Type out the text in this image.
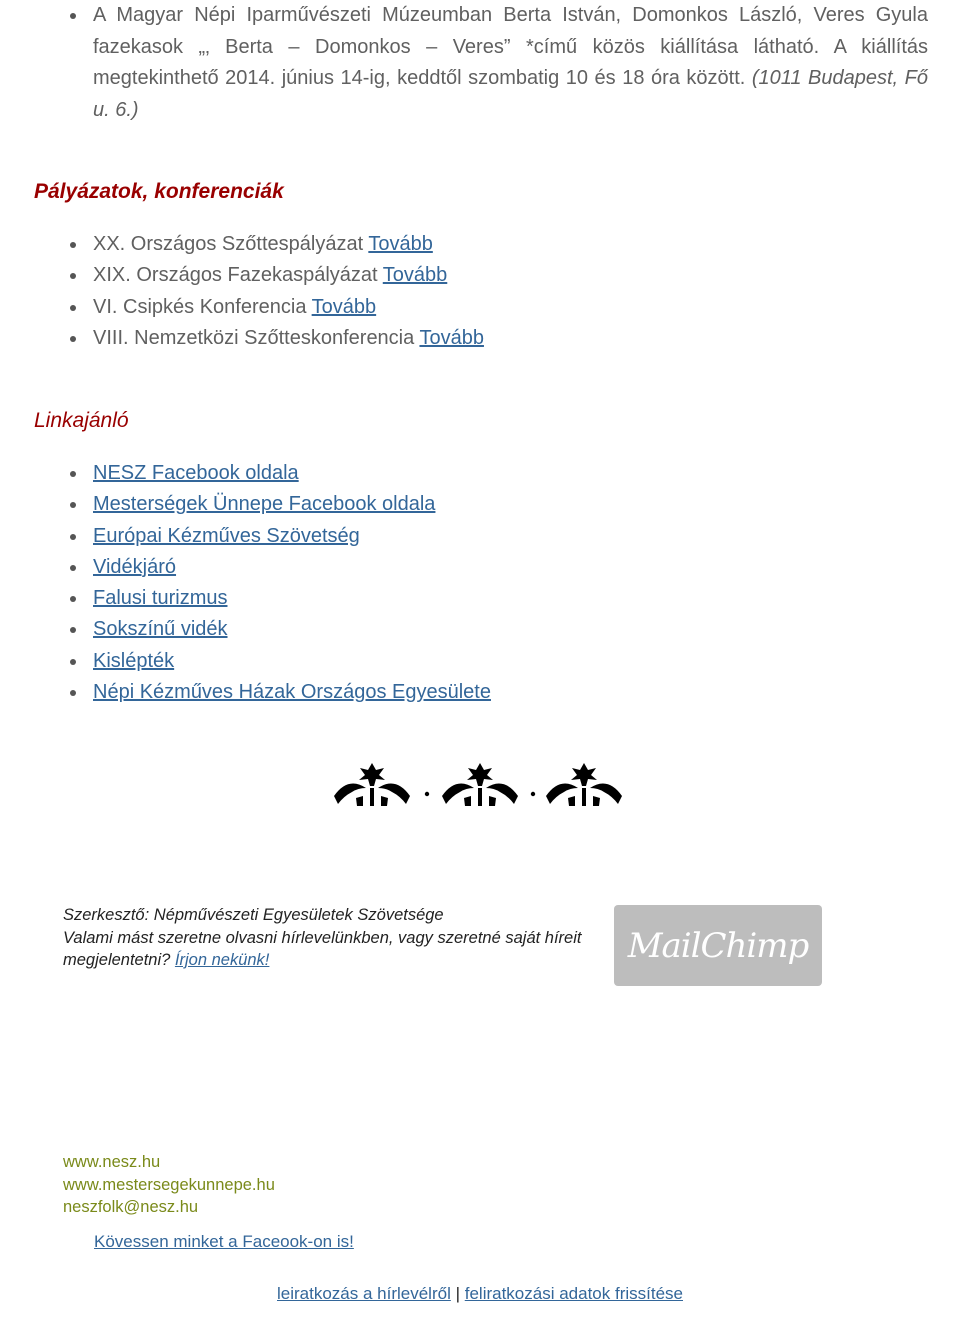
A Magyar Népi Iparművészeti Múzeumban Berta István, Domonkos László, Veres Gyula fazekasok „‚ Berta – Domonkos – Veres” *című közös kiállítása látható. A kiállítás megtekinthető 2014. június 14-ig, keddtől szombatig 10 és 18 óra között. (1011 Budapest, Fő u. 6.)
Pályázatok, konferenciák
XX. Országos Szőttespályázat Tovább
XIX. Országos Fazekaspályázat Tovább
VI. Csipkés Konferencia Tovább
VIII. Nemzetközi Szőtteskonferencia Tovább
Linkajánló
NESZ Facebook oldala
Mesterségek Ünnepe Facebook oldala
Európai Kézműves Szövetség
Vidékjáró
Falusi turizmus
Sokszínű vidék
Kislépték
Népi Kézműves Házak Országos Egyesülete
Szerkesztő: Népművészeti Egyesületek Szövetsége
Valami mást szeretne olvasni hírlevelünkben, vagy szeretné saját híreit megjelentetni? Írjon nekünk!	MailChimp
www.nesz.hu
www.mestersegekunnepe.hu
neszfolk@nesz.hu
Kövessen minket a Faceook-on is!
leiratkozás a hírlevélről | feliratkozási adatok frissítése
